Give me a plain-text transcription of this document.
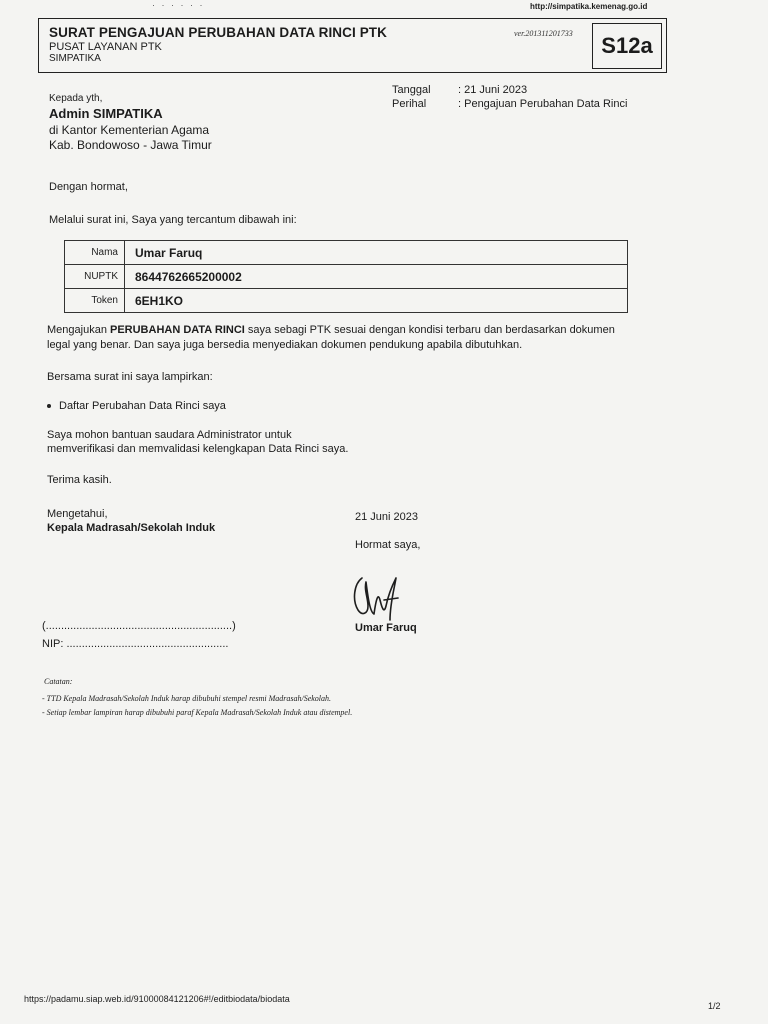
· · · · · ·	http://simpatika.kemenag.go.id
SURAT PENGAJUAN PERUBAHAN DATA RINCI PTK
PUSAT LAYANAN PTK
SIMPATIKA
ver.201311201733	S12a
Kepada yth,
Admin SIMPATIKA
di Kantor Kementerian Agama
Kab. Bondowoso - Jawa Timur
Tanggal : 21 Juni 2023
Perihal	: Pengajuan Perubahan Data Rinci
Dengan hormat,
Melalui surat ini, Saya yang tercantum dibawah ini:
Nama	Umar Faruq
NUPTK	8644762665200002
Token	6EH1KO
Mengajukan PERUBAHAN DATA RINCI saya sebagi PTK sesuai dengan kondisi terbaru dan berdasarkan dokumen
legal yang benar. Dan saya juga bersedia menyediakan dokumen pendukung apabila dibutuhkan.
Bersama surat ini saya lampirkan:
Daftar Perubahan Data Rinci saya
Saya mohon bantuan saudara Administrator untuk
memverifikasi dan memvalidasi kelengkapan Data Rinci saya.
Terima kasih.
Mengetahui,
Kepala Madrasah/Sekolah Induk
(.............................................................)
NIP: .....................................................
21 Juni 2023
Hormat saya,
Umar Faruq
Catatan:
- TTD Kepala Madrasah/Sekolah Induk harap dibubuhi stempel resmi Madrasah/Sekolah.
- Setiap lembar lampiran harap dibubuhi paraf Kepala Madrasah/Sekolah Induk atau distempel.
https://padamu.siap.web.id/9100008412120​6#!/editbiodata/biodata
1/2
